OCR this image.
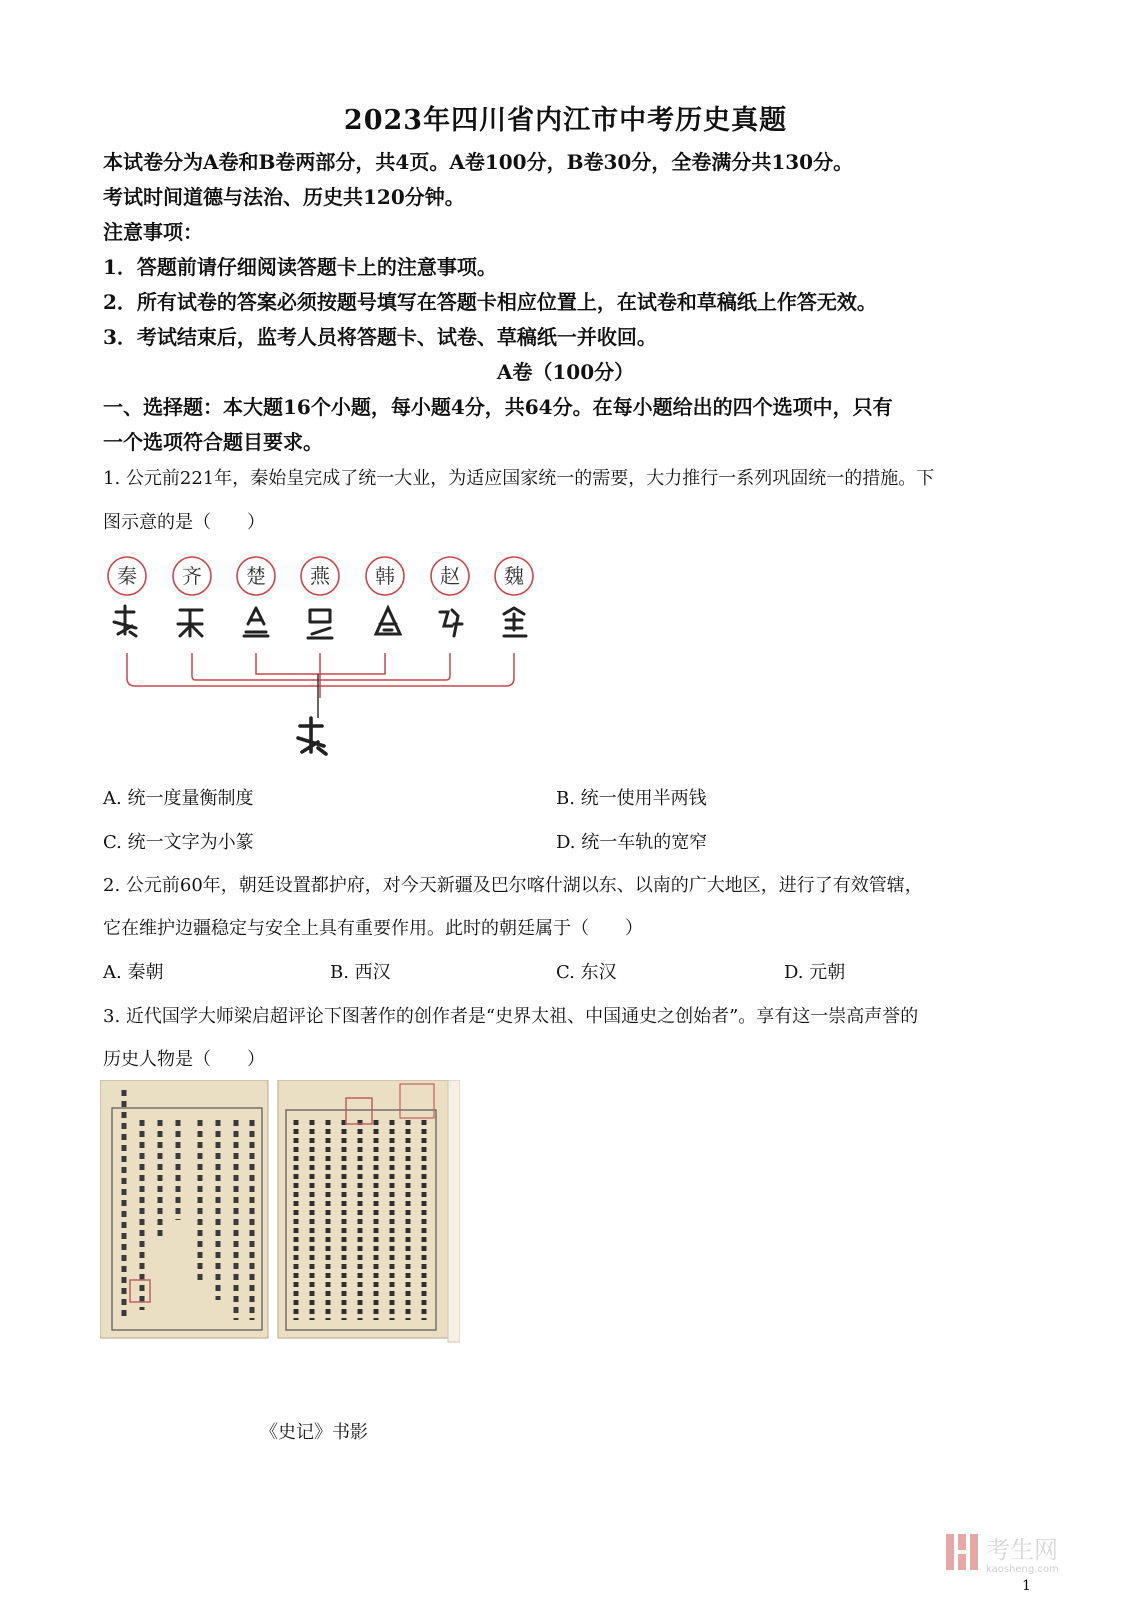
2023年四川省内江市中考历史真题
本试卷分为A卷和B卷两部分，共4页。A卷100分，B卷30分，全卷满分共130分。
考试时间道德与法治、历史共120分钟。
注意事项：
1．答题前请仔细阅读答题卡上的注意事项。
2．所有试卷的答案必须按题号填写在答题卡相应位置上，在试卷和草稿纸上作答无效。
3．考试结束后，监考人员将答题卡、试卷、草稿纸一并收回。
A卷（100分）
一、选择题：本大题16个小题，每小题4分，共64分。在每小题给出的四个选项中，只有
一个选项符合题目要求。
1. 公元前221年，秦始皇完成了统一大业，为适应国家统一的需要，大力推行一系列巩固统一的措施。下
图示意的是（　　）
秦 齐 楚 燕 韩 赵 魏
A. 统一度量衡制度	B. 统一使用半两钱
C. 统一文字为小篆	D. 统一车轨的宽窄
2. 公元前60年，朝廷设置都护府，对今天新疆及巴尔喀什湖以东、以南的广大地区，进行了有效管辖，
它在维护边疆稳定与安全上具有重要作用。此时的朝廷属于（　　）
A. 秦朝	B. 西汉	C. 东汉	D. 元朝
3. 近代国学大师梁启超评论下图著作的创作者是“史界太祖、中国通史之创始者”。享有这一崇高声誉的
历史人物是（　　）
《史记》书影
考生网
kaosheng.com
1
